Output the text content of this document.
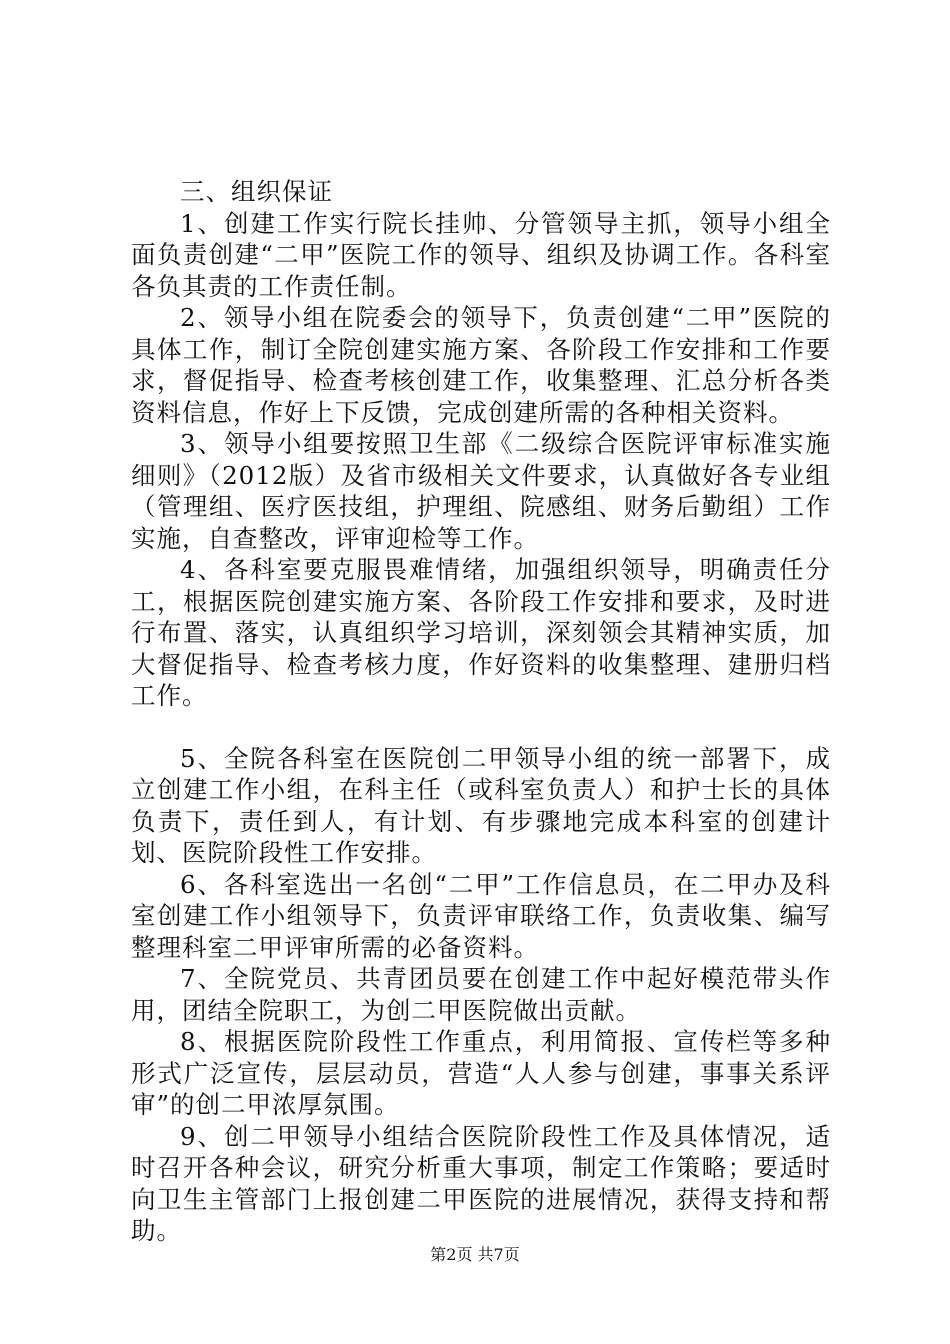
三、组织保证

1、创建工作实行院长挂帅、分管领导主抓，领导小组全面负责创建“二甲”医院工作的领导、组织及协调工作。各科室各负其责的工作责任制。

2、领导小组在院委会的领导下，负责创建“二甲”医院的具体工作，制订全院创建实施方案、各阶段工作安排和工作要求，督促指导、检查考核创建工作，收集整理、汇总分析各类资料信息，作好上下反馈，完成创建所需的各种相关资料。

3、领导小组要按照卫生部《二级综合医院评审标准实施细则》（2012版）及省市级相关文件要求，认真做好各专业组（管理组、医疗医技组，护理组、院感组、财务后勤组）工作实施，自查整改，评审迎检等工作。

4、各科室要克服畏难情绪，加强组织领导，明确责任分工，根据医院创建实施方案、各阶段工作安排和要求，及时进行布置、落实，认真组织学习培训，深刻领会其精神实质，加大督促指导、检查考核力度，作好资料的收集整理、建册归档工作。

5、全院各科室在医院创二甲领导小组的统一部署下，成立创建工作小组，在科主任（或科室负责人）和护士长的具体负责下，责任到人，有计划、有步骤地完成本科室的创建计划、医院阶段性工作安排。

6、各科室选出一名创“二甲”工作信息员，在二甲办及科室创建工作小组领导下，负责评审联络工作，负责收集、编写整理科室二甲评审所需的必备资料。

7、全院党员、共青团员要在创建工作中起好模范带头作用，团结全院职工，为创二甲医院做出贡献。

8、根据医院阶段性工作重点，利用简报、宣传栏等多种形式广泛宣传，层层动员，营造“人人参与创建，事事关系评审”的创二甲浓厚氛围。

9、创二甲领导小组结合医院阶段性工作及具体情况，适时召开各种会议，研究分析重大事项，制定工作策略；要适时向卫生主管部门上报创建二甲医院的进展情况，获得支持和帮助。

第2页 共7页
